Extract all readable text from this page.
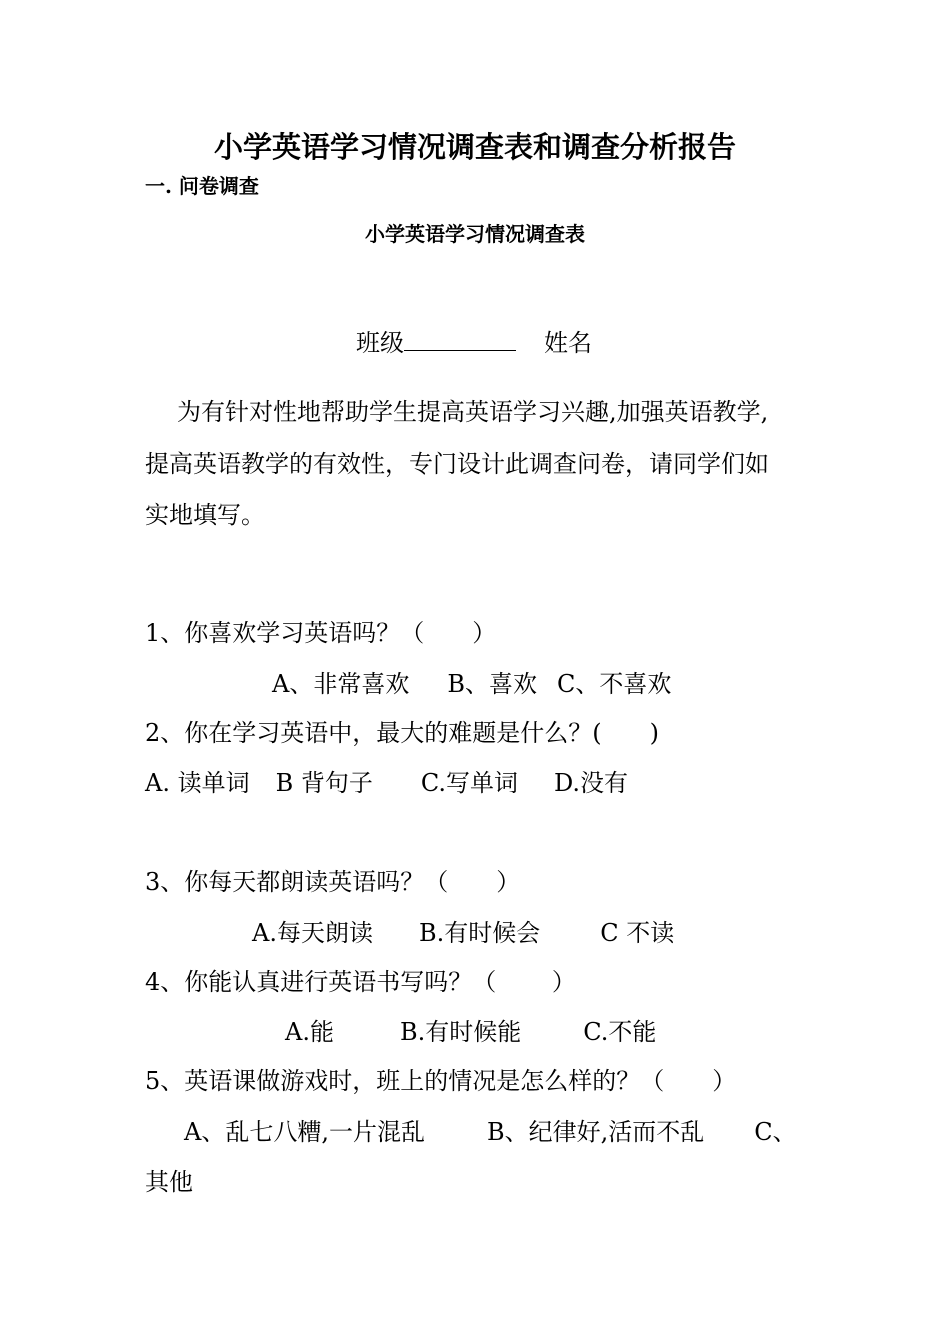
小学英语学习情况调查表和调查分析报告
一. 问卷调查
小学英语学习情况调查表
班级	姓名
为有针对性地帮助学生提高英语学习兴趣,加强英语教学,
提高英语教学的有效性，专门设计此调查问卷，请同学们如
实地填写。
1、你喜欢学习英语吗？（　　）
A、非常喜欢 B、喜欢 C、不喜欢
2、你在学习英语中，最大的难题是什么？(　　)
A. 读单词 B 背句子 C.写单词 D.没有
3、你每天都朗读英语吗？（　　）
A.每天朗读 B.有时候会	C 不读
4、你能认真进行英语书写吗？（　　 ）
A.能	B.有时候能	C.不能
5、英语课做游戏时，班上的情况是怎么样的？（　　）
A、乱七八糟,一片混乱	B、纪律好,活而不乱 C、
其他
